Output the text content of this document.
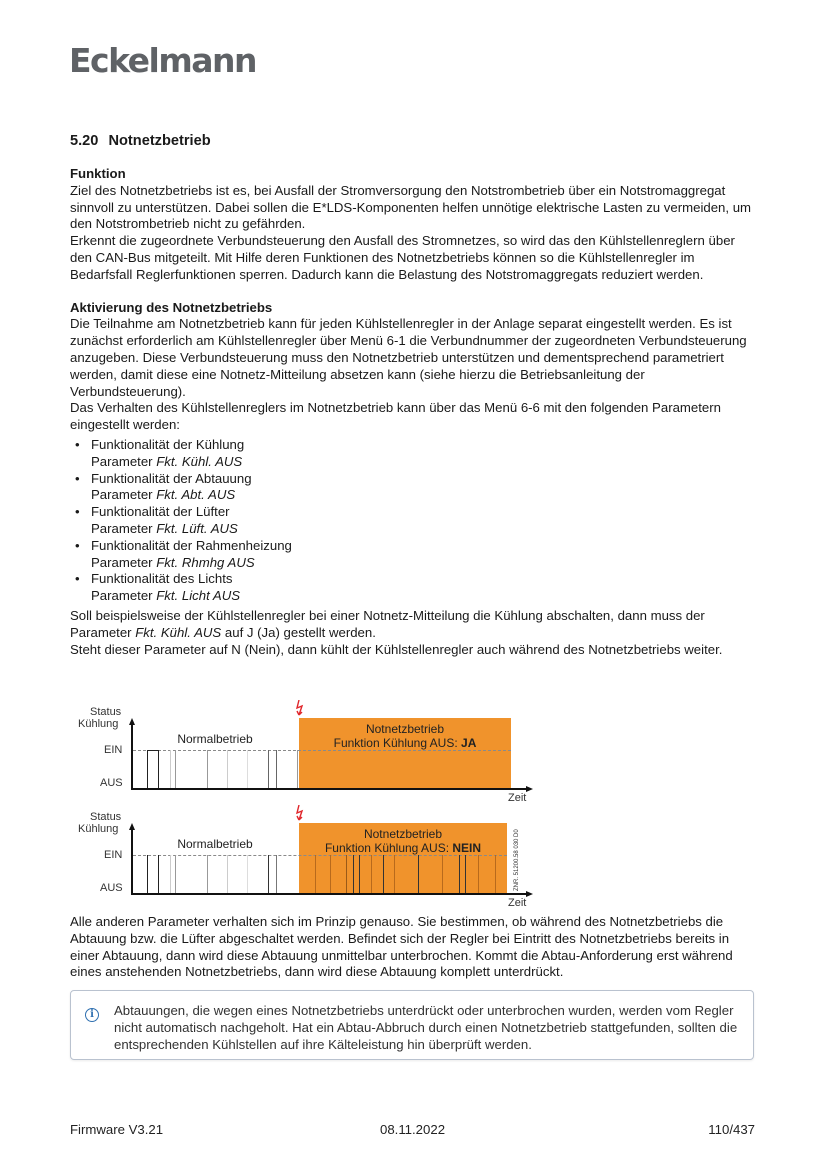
Eckelmann
5.20 Notnetzbetrieb

Funktion

Ziel des Notnetzbetriebs ist es, bei Ausfall der Stromversorgung den Notstrombetrieb über ein Notstromaggregat sinnvoll zu unterstützen. Dabei sollen die E*LDS-Komponenten helfen unnötige elektrische Lasten zu vermeiden, um den Notstrombetrieb nicht zu gefährden.

Erkennt die zugeordnete Verbundsteuerung den Ausfall des Stromnetzes, so wird das den Kühlstellenreglern über den CAN-Bus mitgeteilt. Mit Hilfe deren Funktionen des Notnetzbetriebs können so die Kühlstellenregler im Bedarfsfall Reglerfunktionen sperren. Dadurch kann die Belastung des Notstromaggregats reduziert werden.

Aktivierung des Notnetzbetriebs

Die Teilnahme am Notnetzbetrieb kann für jeden Kühlstellenregler in der Anlage separat eingestellt werden. Es ist zunächst erforderlich am Kühlstellenregler über Menü 6-1 die Verbundnummer der zugeordneten Verbundsteuerung anzugeben. Diese Verbundsteuerung muss den Notnetzbetrieb unterstützen und dementsprechend parametriert werden, damit diese eine Notnetz-Mitteilung absetzen kann (siehe hierzu die Betriebsanleitung der Verbundsteuerung).

Das Verhalten des Kühlstellenreglers im Notnetzbetrieb kann über das Menü 6-6 mit den folgenden Parametern eingestellt werden:

• Funktionalität der Kühlung
Parameter Fkt. Kühl. AUS
• Funktionalität der Abtauung
Parameter Fkt. Abt. AUS
• Funktionalität der Lüfter
Parameter Fkt. Lüft. AUS
• Funktionalität der Rahmenheizung
Parameter Fkt. Rhmhg AUS
• Funktionalität des Lichts
Parameter Fkt. Licht AUS

Soll beispielsweise der Kühlstellenregler bei einer Notnetz-Mitteilung die Kühlung abschalten, dann muss der Parameter Fkt. Kühl. AUS auf J (Ja) gestellt werden.

Steht dieser Parameter auf N (Nein), dann kühlt der Kühlstellenregler auch während des Notnetzbetriebs weiter.

Status
Kühlung
EIN
AUS
Zeit
Normalbetrieb
Notnetzbetrieb
Funktion Kühlung AUS: JA
Status
Kühlung
EIN
AUS
Zeit
ZNR. 51200.58 030 D0
Normalbetrieb
Notnetzbetrieb
Funktion Kühlung AUS: NEIN

Alle anderen Parameter verhalten sich im Prinzip genauso. Sie bestimmen, ob während des Notnetzbetriebs die Abtauung bzw. die Lüfter abgeschaltet werden. Befindet sich der Regler bei Eintritt des Notnetzbetriebs bereits in einer Abtauung, dann wird diese Abtauung unmittelbar unterbrochen. Kommt die Abtau-Anforderung erst während eines anstehenden Notnetzbetriebs, dann wird diese Abtauung komplett unterdrückt.

i	Abtauungen, die wegen eines Notnetzbetriebs unterdrückt oder unterbrochen wurden, werden vom Regler nicht automatisch nachgeholt. Hat ein Abtau-Abbruch durch einen Notnetzbetrieb stattgefunden, sollten die entsprechenden Kühlstellen auf ihre Kälteleistung hin überprüft werden.
Firmware V3.21	08.11.2022	110/437
